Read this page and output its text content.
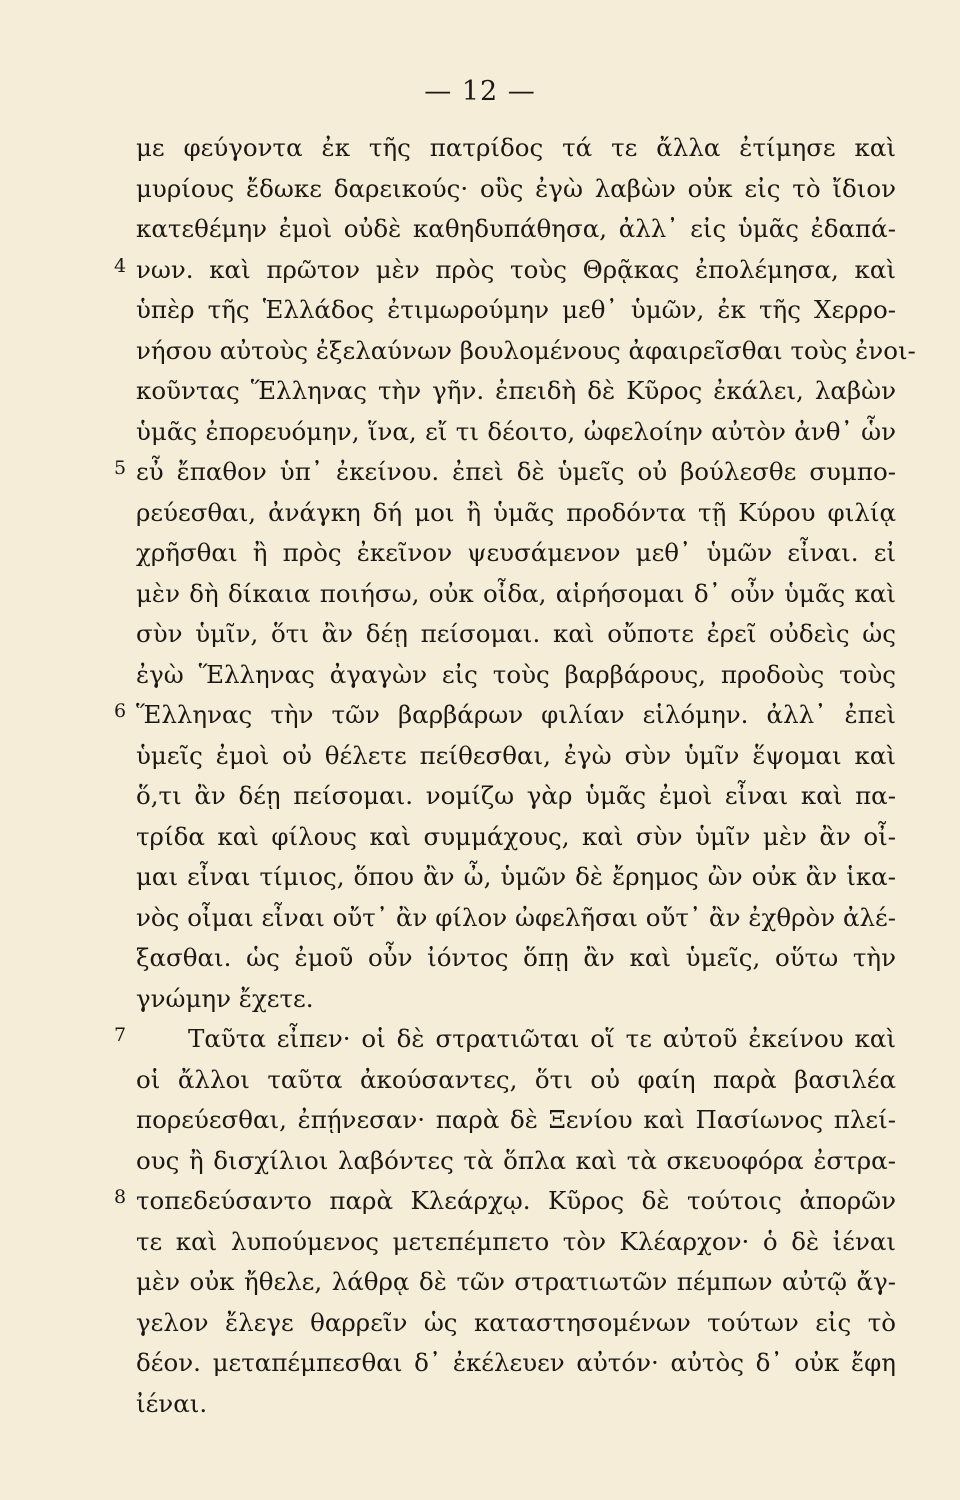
— 12 —
με φεύγοντα ἐκ τῆς πατρίδος τά τε ἄλλα ἐτίμησε καὶ
μυρίους ἔδωκε δαρεικούς· οὓς ἐγὼ λαβὼν οὐκ εἰς τὸ ἴδιον
κατεθέμην ἐμοὶ οὐδὲ καθηδυπάθησα, ἀλλ᾽ εἰς ὑμᾶς ἐδαπά-
4 νων. καὶ πρῶτον μὲν πρὸς τοὺς Θρᾷκας ἐπολέμησα, καὶ
ὑπὲρ τῆς Ἑλλάδος ἐτιμωρούμην μεθ᾽ ὑμῶν, ἐκ τῆς Χερρο-
νήσου αὐτοὺς ἐξελαύνων βουλομένους ἀφαιρεῖσθαι τοὺς ἐνοι-
κοῦντας Ἕλληνας τὴν γῆν. ἐπειδὴ δὲ Κῦρος ἐκάλει, λαβὼν
ὑμᾶς ἐπορευόμην, ἵνα, εἴ τι δέοιτο, ὠφελοίην αὐτὸν ἀνθ᾽ ὧν
5 εὖ ἔπαθον ὑπ᾽ ἐκείνου. ἐπεὶ δὲ ὑμεῖς οὐ βούλεσθε συμπο-
ρεύεσθαι, ἀνάγκη δή μοι ἢ ὑμᾶς προδόντα τῇ Κύρου φιλίᾳ
χρῆσθαι ἢ πρὸς ἐκεῖνον ψευσάμενον μεθ᾽ ὑμῶν εἶναι. εἰ
μὲν δὴ δίκαια ποιήσω, οὐκ οἶδα, αἱρήσομαι δ᾽ οὖν ὑμᾶς καὶ
σὺν ὑμῖν, ὅτι ἂν δέῃ πείσομαι. καὶ οὔποτε ἐρεῖ οὐδεὶς ὡς
ἐγὼ Ἕλληνας ἀγαγὼν εἰς τοὺς βαρβάρους, προδοὺς τοὺς
6 Ἕλληνας τὴν τῶν βαρβάρων φιλίαν εἱλόμην. ἀλλ᾽ ἐπεὶ
ὑμεῖς ἐμοὶ οὐ θέλετε πείθεσθαι, ἐγὼ σὺν ὑμῖν ἕψομαι καὶ
ὅ,τι ἂν δέῃ πείσομαι. νομίζω γὰρ ὑμᾶς ἐμοὶ εἶναι καὶ πα-
τρίδα καὶ φίλους καὶ συμμάχους, καὶ σὺν ὑμῖν μὲν ἂν οἶ-
μαι εἶναι τίμιος, ὅπου ἂν ὦ, ὑμῶν δὲ ἔρημος ὢν οὐκ ἂν ἱκα-
νὸς οἶμαι εἶναι οὔτ᾽ ἂν φίλον ὠφελῆσαι οὔτ᾽ ἂν ἐχθρὸν ἀλέ-
ξασθαι. ὡς ἐμοῦ οὖν ἰόντος ὅπῃ ἂν καὶ ὑμεῖς, οὕτω τὴν
γνώμην ἔχετε.
7	Ταῦτα εἶπεν· οἱ δὲ στρατιῶται οἵ τε αὐτοῦ ἐκείνου καὶ
οἱ ἄλλοι ταῦτα ἀκούσαντες, ὅτι οὐ φαίη παρὰ βασιλέα
πορεύεσθαι, ἐπῄνεσαν· παρὰ δὲ Ξενίου καὶ Πασίωνος πλεί-
ους ἢ δισχίλιοι λαβόντες τὰ ὅπλα καὶ τὰ σκευοφόρα ἐστρα-
8 τοπεδεύσαντο παρὰ Κλεάρχῳ. Κῦρος δὲ τούτοις ἀπορῶν
τε καὶ λυπούμενος μετεπέμπετο τὸν Κλέαρχον· ὁ δὲ ἰέναι
μὲν οὐκ ἤθελε, λάθρᾳ δὲ τῶν στρατιωτῶν πέμπων αὐτῷ ἄγ-
γελον ἔλεγε θαρρεῖν ὡς καταστησομένων τούτων εἰς τὸ
δέον. μεταπέμπεσθαι δ᾽ ἐκέλευεν αὐτόν· αὐτὸς δ᾽ οὐκ ἔφη
ἰέναι.
